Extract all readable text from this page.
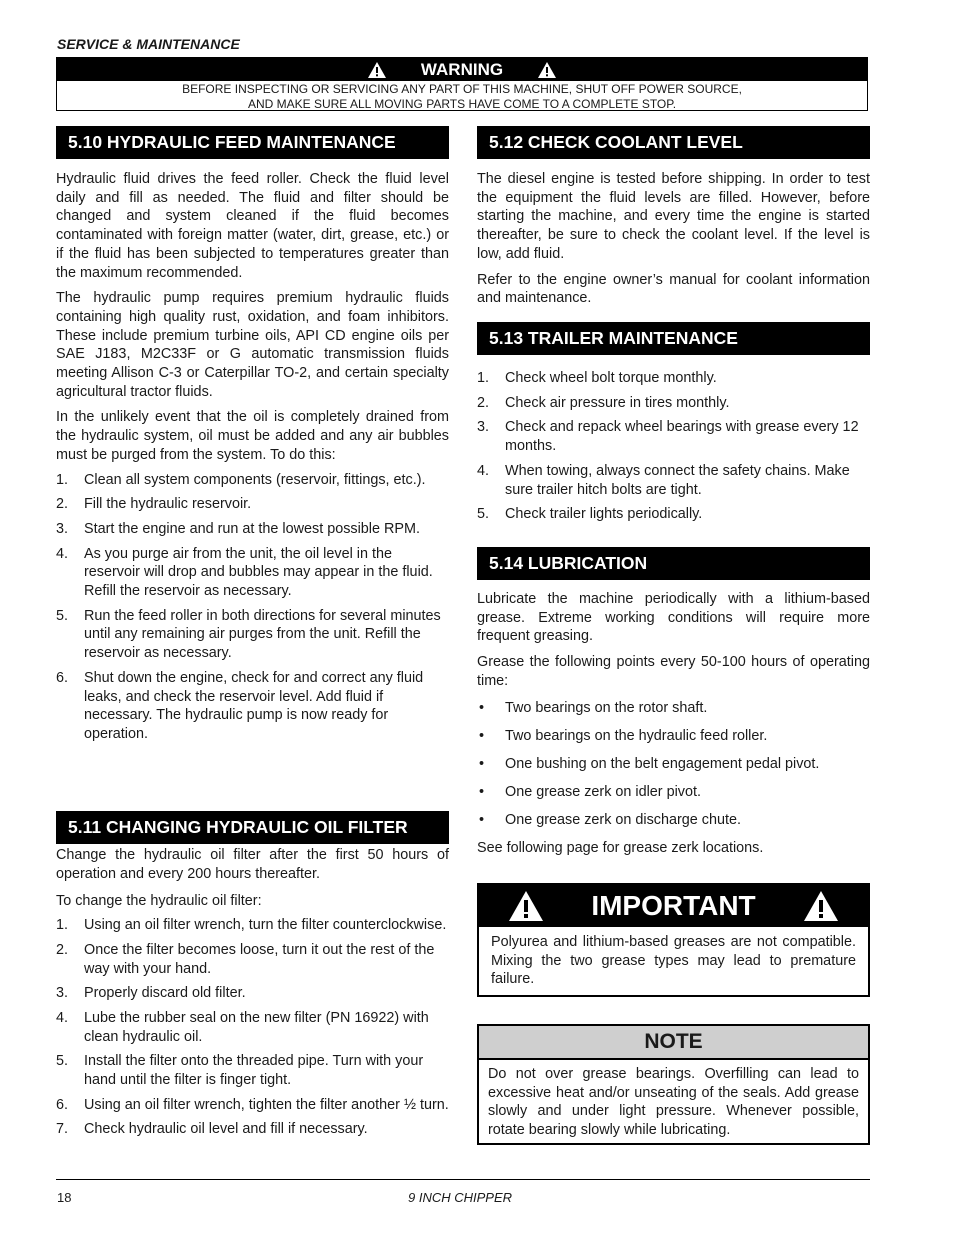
SERVICE & MAINTENANCE
WARNING
BEFORE INSPECTING OR SERVICING ANY PART OF THIS MACHINE, SHUT OFF POWER SOURCE,
AND MAKE SURE ALL MOVING PARTS HAVE COME TO A COMPLETE STOP.
5.10 HYDRAULIC FEED MAINTENANCE

Hydraulic fluid drives the feed roller. Check the fluid level daily and fill as needed. The fluid and filter should be changed and system cleaned if the fluid becomes contaminated with foreign matter (water, dirt, grease, etc.) or if the fluid has been subjected to temperatures greater than the maximum recommended.

The hydraulic pump requires premium hydraulic fluids containing high quality rust, oxidation, and foam inhibitors. These include premium turbine oils, API CD engine oils per SAE J183, M2C33F or G automatic transmission fluids meeting Allison C-3 or Caterpillar TO-2, and certain specialty agricultural tractor fluids.

In the unlikely event that the oil is completely drained from the hydraulic system, oil must be added and any air bubbles must be purged from the system. To do this:

1. Clean all system components (reservoir, fittings, etc.).
2. Fill the hydraulic reservoir.
3. Start the engine and run at the lowest possible RPM.
4. As you purge air from the unit, the oil level in the reservoir will drop and bubbles may appear in the fluid. Refill the reservoir as necessary.
5. Run the feed roller in both directions for several minutes until any remaining air purges from the unit. Refill the reservoir as necessary.
6. Shut down the engine, check for and correct any fluid leaks, and check the reservoir level. Add fluid if necessary. The hydraulic pump is now ready for operation.
5.11 CHANGING HYDRAULIC OIL FILTER

Change the hydraulic oil filter after the first 50 hours of operation and every 200 hours thereafter.

To change the hydraulic oil filter:

1. Using an oil filter wrench, turn the filter counterclockwise.
2. Once the filter becomes loose, turn it out the rest of the way with your hand.
3. Properly discard old filter.
4. Lube the rubber seal on the new filter (PN 16922) with clean hydraulic oil.
5. Install the filter onto the threaded pipe. Turn with your hand until the filter is finger tight.
6. Using an oil filter wrench, tighten the filter another ½ turn.
7. Check hydraulic oil level and fill if necessary.
5.12 CHECK COOLANT LEVEL

The diesel engine is tested before shipping. In order to test the equipment the fluid levels are filled. However, before starting the machine, and every time the engine is started thereafter, be sure to check the coolant level. If the level is low, add fluid.

Refer to the engine owner’s manual for coolant information and maintenance.

5.13 TRAILER MAINTENANCE
1. Check wheel bolt torque monthly.
2. Check air pressure in tires monthly.
3. Check and repack wheel bearings with grease every 12 months.
4. When towing, always connect the safety chains. Make sure trailer hitch bolts are tight.
5. Check trailer lights periodically.
5.14 LUBRICATION

Lubricate the machine periodically with a lithium-based grease. Extreme working conditions will require more frequent greasing.

Grease the following points every 50-100 hours of operating time:

• Two bearings on the rotor shaft.
• Two bearings on the hydraulic feed roller.
• One bushing on the belt engagement pedal pivot.
• One grease zerk on idler pivot.
• One grease zerk on discharge chute.

See following page for grease zerk locations.

IMPORTANT
Polyurea and lithium-based greases are not compatible. Mixing the two grease types may lead to premature failure.
NOTE
Do not over grease bearings. Overfilling can lead to excessive heat and/or unseating of the seals. Add grease slowly and under light pressure. Whenever possible, rotate bearing slowly while lubricating.
18	9 INCH CHIPPER
